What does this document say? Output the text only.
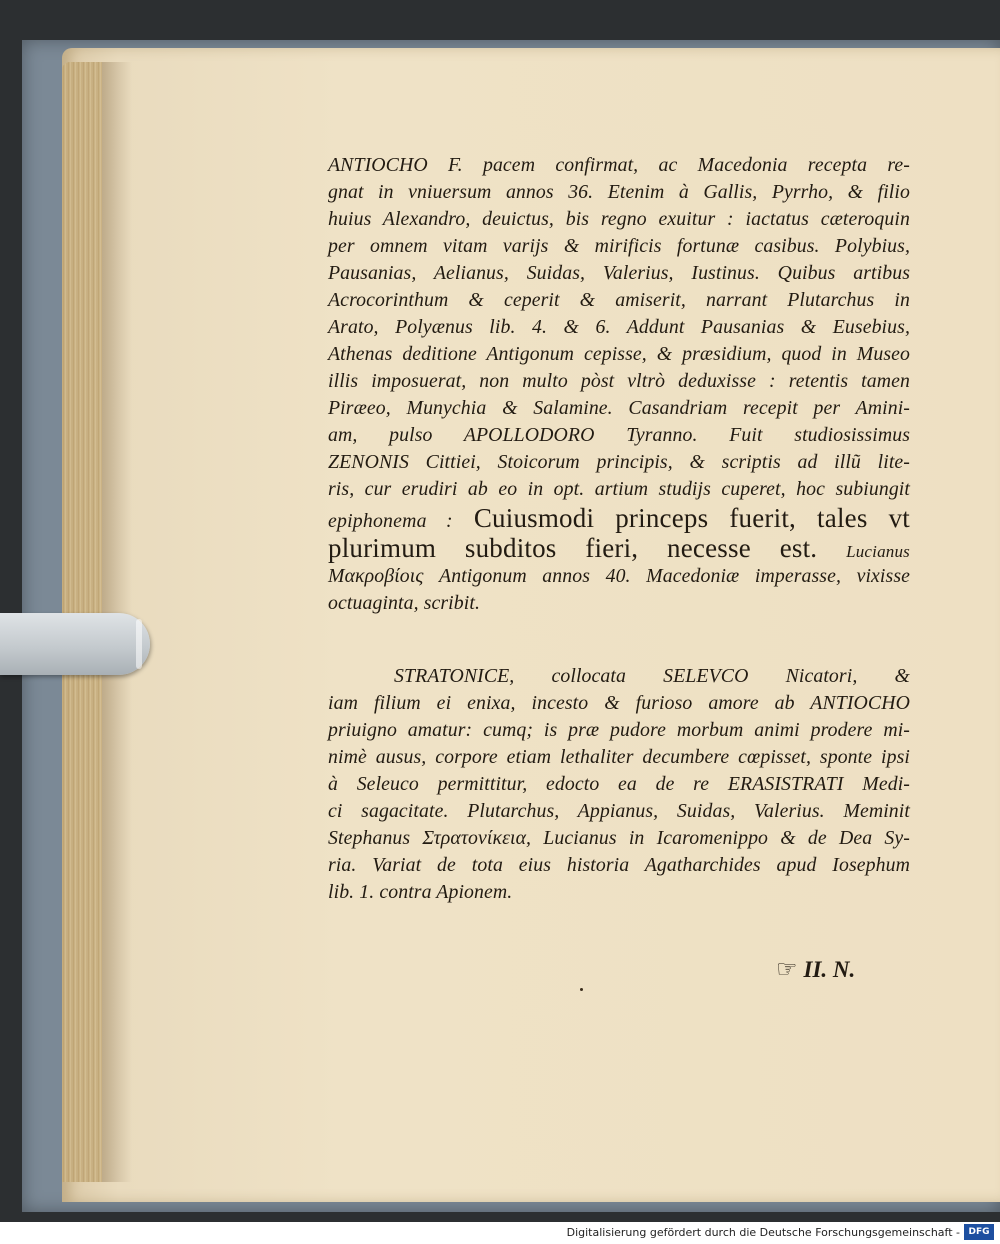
ANTIOCHO F. pacem confirmat, ac Macedonia recepta re-
gnat in vniuersum annos 36. Etenim à Gallis, Pyrrho, & filio
huius Alexandro, deuictus, bis regno exuitur : iactatus cæteroquin
per omnem vitam varijs & mirificis fortunæ casibus. Polybius,
Pausanias, Aelianus, Suidas, Valerius, Iustinus. Quibus artibus
Acrocorinthum & ceperit & amiserit, narrant Plutarchus in
Arato, Polyænus lib. 4. & 6. Addunt Pausanias & Eusebius,
Athenas deditione Antigonum cepisse, & præsidium, quod in Museo
illis imposuerat, non multo pòst vltrò deduxisse : retentis tamen
Piræeo, Munychia & Salamine. Casandriam recepit per Amini-
am, pulso APOLLODORO Tyranno. Fuit studiosissimus
ZENONIS Cittiei, Stoicorum principis, & scriptis ad illũ lite-
ris, cur erudiri ab eo in opt. artium studijs cuperet, hoc subiungit
epiphonema : Cuiusmodi princeps fuerit, tales vt
plurimum subditos fieri, necesse est. Lucianus
Μακροβίοις Antigonum annos 40. Macedoniæ imperasse, vixisse
octuaginta, scribit.
STRATONICE, collocata SELEVCO Nicatori, &
iam filium ei enixa, incesto & furioso amore ab ANTIOCHO
priuigno amatur: cumq; is præ pudore morbum animi prodere mi-
nimè ausus, corpore etiam lethaliter decumbere cœpisset, sponte ipsi
à Seleuco permittitur, edocto ea de re ERASISTRATI Medi-
ci sagacitate. Plutarchus, Appianus, Suidas, Valerius. Meminit
Stephanus Στρατονίκεια, Lucianus in Icaromenippo & de Dea Sy-
ria. Variat de tota eius historia Agatharchides apud Iosephum
lib. 1. contra Apionem.
☞ II. N.
Digitalisierung gefördert durch die Deutsche Forschungsgemeinschaft - DFG
